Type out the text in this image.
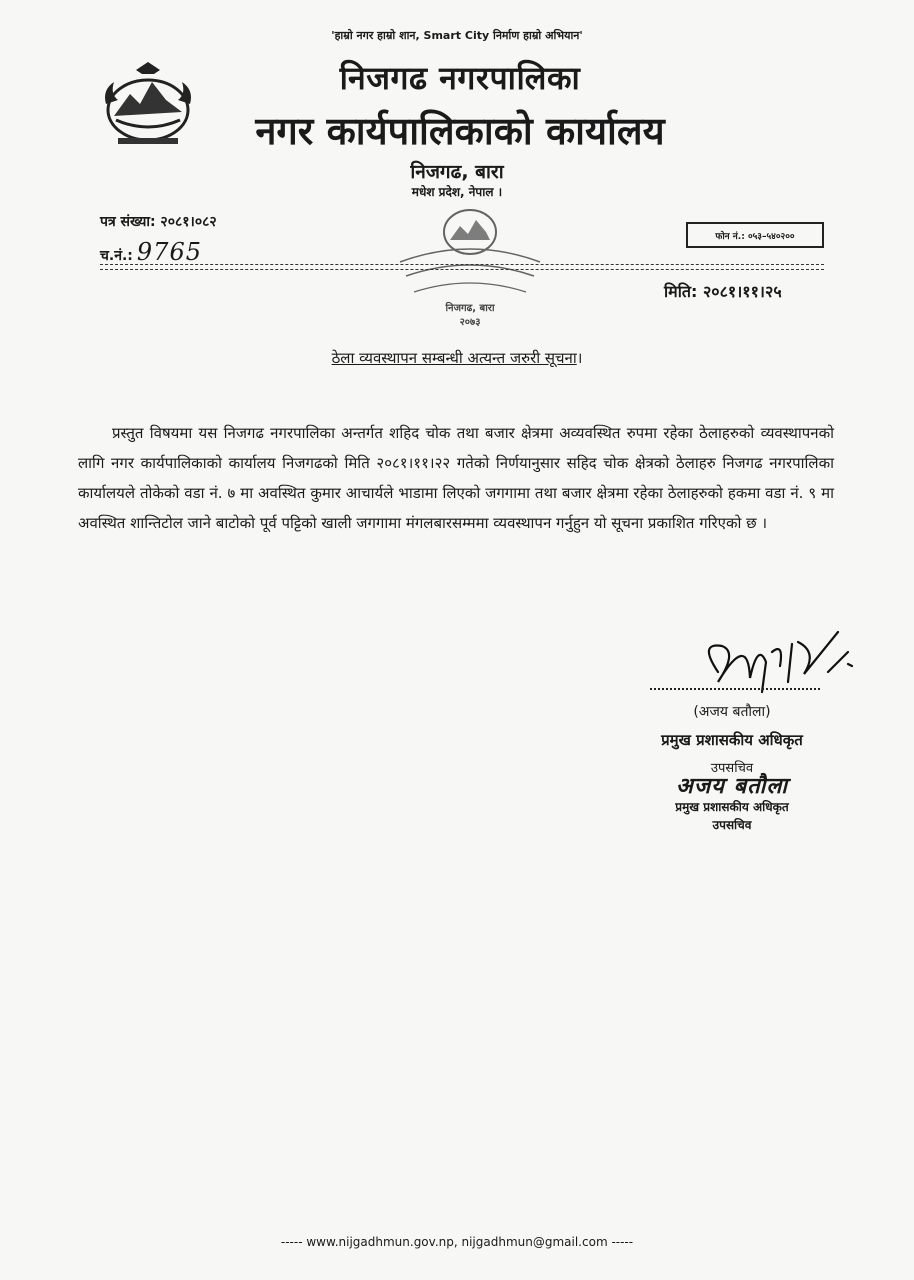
'हाम्रो नगर हाम्रो शान, Smart City निर्माण हाम्रो अभियान'
निजगढ नगरपालिका
नगर कार्यपालिकाको कार्यालय
निजगढ, बारा
मधेश प्रदेश, नेपाल ।
पत्र संख्या: २०८१।०८२
च.नं.: 9765
फोन नं.: ०५३–५४०२००
निजगढ, बारा
२०७३
मिति: २०८१।११।२५
ठेला व्यवस्थापन सम्बन्धी अत्यन्त जरुरी सूचना।
प्रस्तुत विषयमा यस निजगढ नगरपालिका अन्तर्गत शहिद चोक तथा बजार क्षेत्रमा अव्यवस्थित रुपमा रहेका ठेलाहरुको व्यवस्थापनको लागि नगर कार्यपालिकाको कार्यालय निजगढको मिति २०८१।११।२२ गतेको निर्णयानुसार सहिद चोक क्षेत्रको ठेलाहरु निजगढ नगरपालिका कार्यालयले तोकेको वडा नं. ७ मा अवस्थित कुमार आचार्यले भाडामा लिएको जगगामा तथा बजार क्षेत्रमा रहेका ठेलाहरुको हकमा वडा नं. ९ मा अवस्थित शान्तिटोल जाने बाटोको पूर्व पट्टिको खाली जगगामा मंगलबारसम्ममा व्यवस्थापन गर्नुहुन यो सूचना प्रकाशित गरिएको छ ।
(अजय बतौला)
प्रमुख प्रशासकीय अधिकृत
उपसचिव
अजय बतौला
प्रमुख प्रशासकीय अधिकृत
उपसचिव
----- www.nijgadhmun.gov.np, nijgadhmun@gmail.com -----
